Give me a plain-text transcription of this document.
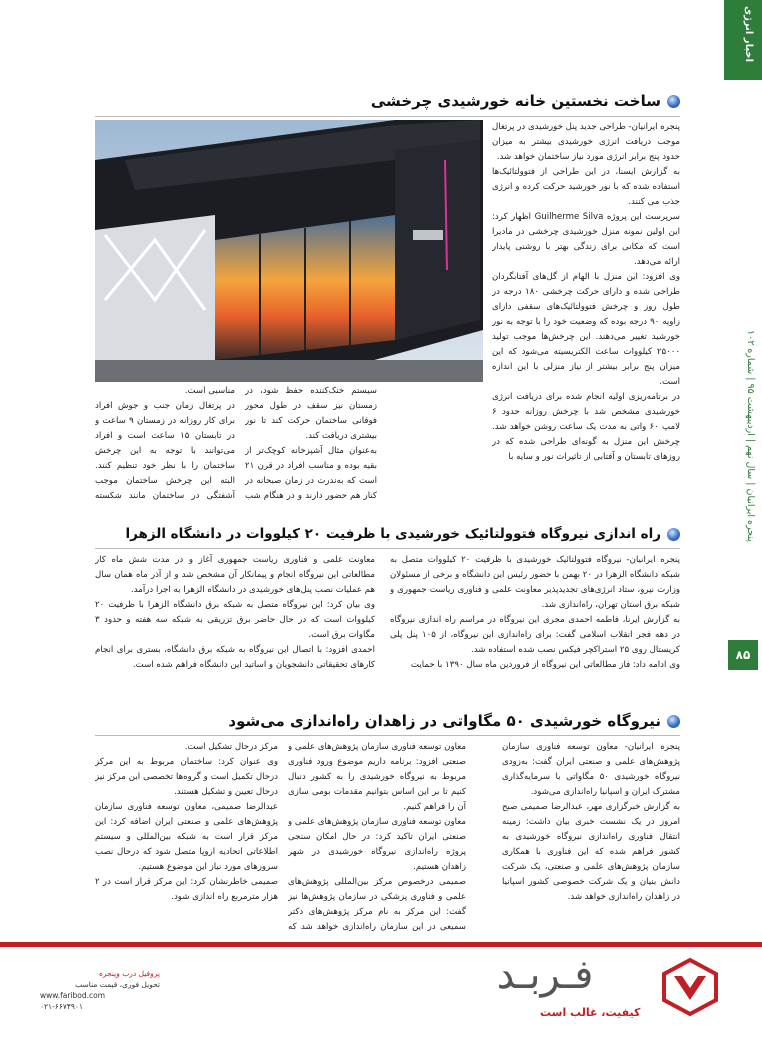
اخبار انرژی
پنجره ایرانیان | سال نهم | اردیبهشت ۹۵ | شماره ۱۰۲
۸۵
ساخت نخستین خانه خورشیدی چرخشی

پنجره ایرانیان- طراحی جدید پنل خورشیدی در پرتغال موجب دریافت انرژی خورشیدی بیشتر به میزان حدود پنج برابر انرژی مورد نیاز ساختمان خواهد شد.

به گزارش ایسنا، در این طراحی از فتوولتائیک‌ها استفاده شده که با نور خورشید حرکت کرده و انرژی جذب می کنند.

سرپرست این پروژه Guilherme Silva اظهار کرد: این اولین نمونه منزل خورشیدی چرخشی در مادیرا است که مکانی برای زندگی بهتر با روشنی پایدار ارائه می‌دهد.

وی افزود: این منزل با الهام از گل‌های آفتابگردان طراحی شده و دارای حرکت چرخشی ۱۸۰ درجه در طول روز و چرخش فتوولتائیک‌های سقفی دارای زاویه ۹۰ درجه بوده که وضعیت خود را با توجه به نور خورشید تغییر می‌دهند. این چرخش‌ها موجب تولید ۲۵۰۰۰ کیلووات ساعت الکتریسیته می‌شود که این میزان پنج برابر بیشتر از نیاز منزلی با این اندازه است.

در برنامه‌ریزی اولیه انجام شده برای دریافت انرژی خورشیدی مشخص شد با چرخش روزانه حدود ۶ لامپ ۶۰ واتی به مدت یک ساعت روشن خواهد شد. چرخش این منزل به گونه‌ای طراحی شده که در روزهای تابستان و آفتابی از تاثیرات نور و سایه با

سیستم خنک‌کننده حفظ شود، در زمستان نیز سقف در طول محور فوقانی ساختمان حرکت کند تا نور بیشتری دریافت کند.

به‌عنوان مثال آشپزخانه کوچک‌تر از بقیه بوده و مناسب افراد در قرن ۲۱ است که به‌ندرت در زمان صبحانه در کنار هم حضور دارند و در هنگام شب

مناسبی است.

در پرتغال زمان جنب و جوش افراد برای کار روزانه در زمستان ۹ ساعت و در تابستان ۱۵ ساعت است و افراد می‌توانند با توجه به این چرخش ساختمان را با نظر خود تنظیم کنند. البته این چرخش ساختمان موجب آشفتگی در ساختمان مانند شکسته

راه اندازی نیروگاه فتوولتائیک خورشیدی با ظرفیت ۲۰ کیلووات در دانشگاه الزهرا

پنجره ایرانیان- نیروگاه فتوولتائیک خورشیدی با ظرفیت ۲۰ کیلووات متصل به شبکه دانشگاه الزهرا در ۲۰ بهمن با حضور رئیس این دانشگاه و برخی از مسئولان وزارت نیرو، ستاد انرژی‌های تجدیدپذیر معاونت علمی و فناوری ریاست جمهوری و شبکه برق استان تهران، راه‌اندازی شد.

به گزارش ایرنا، فاطمه احمدی مجری این نیروگاه در مراسم راه اندازی نیروگاه در دهه فجر انقلاب اسلامی گفت: برای راه‌اندازی این نیروگاه، از ۱۰۵ پنل پلی کریستال روی ۲۵ استراکچر فیکس نصب شده استفاده شد.

وی ادامه داد: فاز مطالعاتی این نیروگاه از فروردین ماه سال ۱۳۹۰ با حمایت

معاونت علمی و فناوری ریاست جمهوری آغاز و در مدت شش ماه کار مطالعاتی این نیروگاه انجام و پیمانکار آن مشخص شد و از آذر ماه همان سال هم عملیات نصب پنل‌های خورشیدی در دانشگاه الزهرا به اجرا درآمد.

وی بیان کرد: این نیروگاه متصل به شبکه برق دانشگاه الزهرا با ظرفیت ۲۰ کیلووات است که در حال حاضر برق تزریقی به شبکه سه هفته و حدود ۳ مگاوات برق است.

احمدی افزود: با اتصال این نیروگاه به شبکه برق دانشگاه، بستری برای انجام کارهای تحقیقاتی دانشجویان و اساتید این دانشگاه فراهم شده است.

نیروگاه خورشیدی ۵۰ مگاواتی در زاهدان راه‌اندازی می‌شود

پنجره ایرانیان- معاون توسعه فناوری سازمان پژوهش‌های علمی و صنعتی ایران گفت: به‌زودی نیروگاه خورشیدی ۵۰ مگاواتی با سرمایه‌گذاری مشترک ایران و اسپانیا راه‌اندازی می‌شود.

به گزارش خبرگزاری مهر، عبدالرضا صمیمی صبح امروز در یک نشست خبری بیان داشت: زمینه انتقال فناوری راه‌اندازی نیروگاه خورشیدی به کشور فراهم شده که این فناوری با همکاری سازمان پژوهش‌های علمی و صنعتی، یک شرکت دانش بنیان و یک شرکت خصوصی کشور اسپانیا در زاهدان راه‌اندازی خواهد شد.

معاون توسعه فناوری سازمان پژوهش‌های علمی و صنعتی افزود: برنامه داریم موضوع ورود فناوری مربوط به نیروگاه خورشیدی را به کشور دنبال کنیم تا بر این اساس بتوانیم مقدمات بومی سازی آن را فراهم کنیم.

معاون توسعه فناوری سازمان پژوهش‌های علمی و صنعتی ایران تاکید کرد: در حال امکان سنجی پروژه راه‌اندازی نیروگاه خورشیدی در شهر زاهدان هستیم.

صمیمی درخصوص مرکز بین‌المللی پژوهش‌های علمی و فناوری پزشکی در سازمان پژوهش‌ها نیز گفت: این مرکز به نام مرکز پژوهش‌های دکتر سمیعی در این سازمان راه‌اندازی خواهد شد که

مرکز درحال تشکیل است.

وی عنوان کرد: ساختمان مربوط به این مرکز درحال تکمیل است و گروه‌ها تخصصی این مرکز نیز درحال تعیین و تشکیل هستند.

عبدالرضا صمیمی، معاون توسعه فناوری سازمان پژوهش‌های علمی و صنعتی ایران اضافه کرد: این مرکز قرار است به شبکه بین‌المللی و سیستم اطلاعاتی اتحادیه اروپا متصل شود که درحال نصب سرورهای مورد نیاز این موضوع هستیم.

صمیمی خاطرنشان کرد: این مرکز قرار است در ۲ هزار مترمربع راه اندازی شود.

فـربـد
کیفیت، غالب است
پروفیل درب وپنجره
تحویل فوری، قیمت مناسب
www.faribod.com
۰۲۱-۶۶۷۴۹۰۱
